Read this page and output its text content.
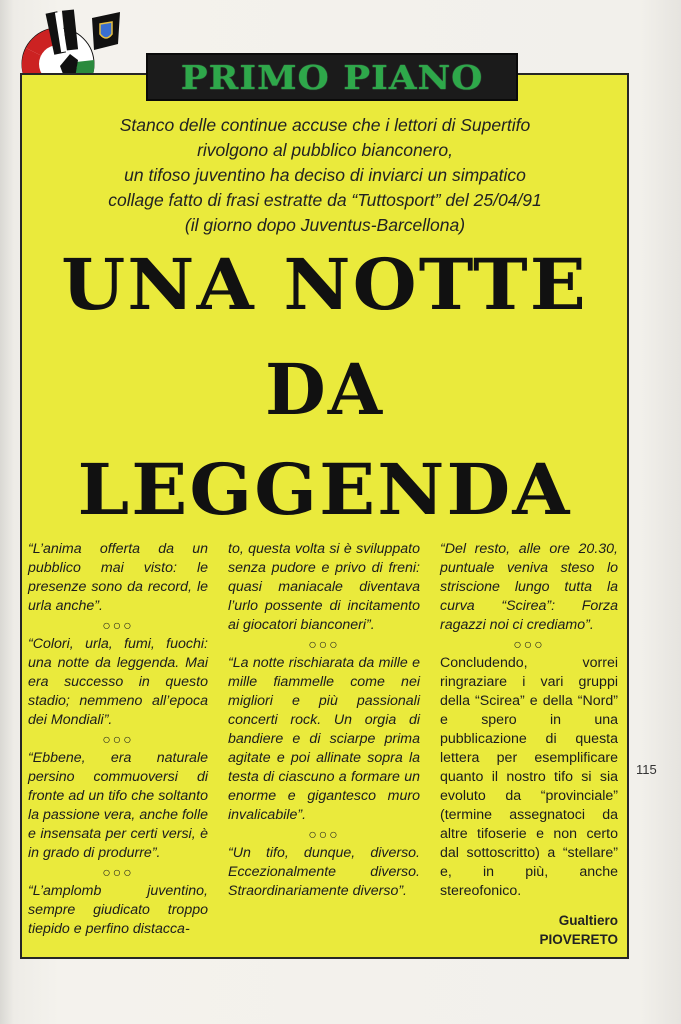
PRIMO PIANO
Stanco delle continue accuse che i lettori di Supertifo
rivolgono al pubblico bianconero,
un tifoso juventino ha deciso di inviarci un simpatico
collage fatto di frasi estratte da “Tuttosport” del 25/04/91
(il giorno dopo Juventus-Barcellona)
UNA NOTTE
DA
LEGGENDA

“L’anima offerta da un pubblico mai visto: le presenze sono da record, le urla anche”.

○○○

“Colori, urla, fumi, fuochi: una notte da leggenda. Mai era successo in questo stadio; nemmeno all’epoca dei Mondiali”.

○○○

“Ebbene, era naturale persino commuoversi di fronte ad un tifo che soltanto la passione vera, anche folle e insensata per certi versi, è in grado di produrre”.

○○○

“L’amplomb juventino, sempre giudicato troppo tiepido e perfino distacca-

to, questa volta si è sviluppato senza pudore e privo di freni: quasi maniacale diventava l’urlo possente di incitamento ai giocatori bianconeri”.

○○○

“La notte rischiarata da mille e mille fiammelle come nei migliori e più passionali concerti rock. Un orgia di bandiere e di sciarpe prima agitate e poi allinate sopra la testa di ciascuno a formare un enorme e gigantesco muro invalicabile”.

○○○

“Un tifo, dunque, diverso. Eccezionalmente diverso. Straordinariamente diverso”.

“Del resto, alle ore 20.30, puntuale veniva steso lo striscione lungo tutta la curva “Scirea”: Forza ragazzi noi ci crediamo”.

○○○

Concludendo, vorrei ringraziare i vari gruppi della “Scirea” e della “Nord” e spero in una pubblicazione di questa lettera per esemplificare quanto il nostro tifo si sia evoluto da “provinciale” (termine assegnatoci da altre tifoserie e non certo dal sottoscritto) a “stellare” e, in più, anche stereofonico.

Gualtiero
PIOVERETO
115
